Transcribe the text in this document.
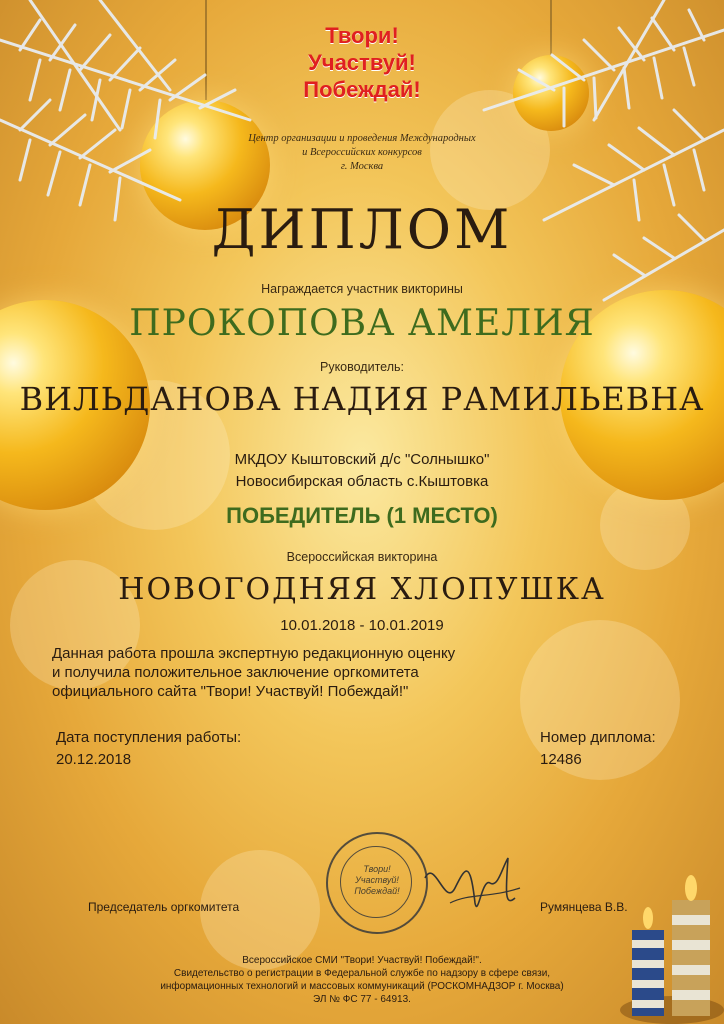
Твори!
Участвуй!
Побеждай!
Центр организации и проведения Международных
и Всероссийских конкурсов
г. Москва
ДИПЛОМ
Награждается участник викторины
ПРОКОПОВА АМЕЛИЯ
Руководитель:
ВИЛЬДАНОВА НАДИЯ РАМИЛЬЕВНА
МКДОУ Кыштовский д/с "Солнышко"
Новосибирская область с.Кыштовка
ПОБЕДИТЕЛЬ (1 МЕСТО)
Всероссийская викторина
НОВОГОДНЯЯ ХЛОПУШКА
10.01.2018 - 10.01.2019
Данная работа прошла экспертную редакционную оценку
и получила положительное заключение оргкомитета
официального сайта "Твори! Участвуй! Побеждай!"
Дата поступления работы:
20.12.2018
Номер диплома:
12486
Председатель оргкомитета	Румянцева В.В.
Твори!
Участвуй!
Побеждай!
Всероссийское СМИ "Твори! Участвуй! Побеждай!".
Свидетельство о регистрации в Федеральной службе по надзору в сфере связи,
информационных технологий и массовых коммуникаций (РОСКОМНАДЗОР г. Москва)
ЭЛ № ФС 77 - 64913.
